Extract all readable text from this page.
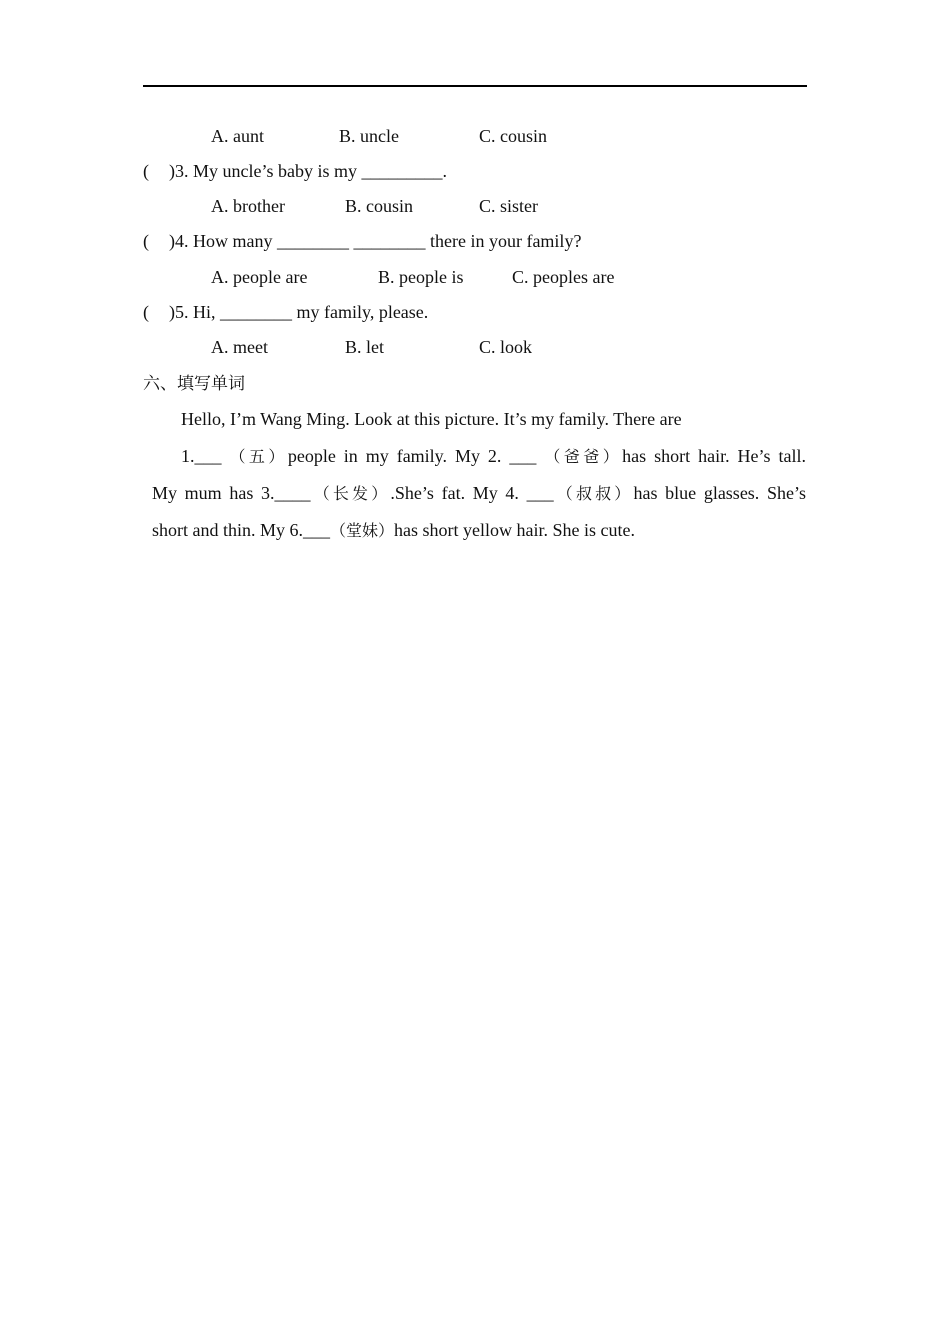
A. aunt	B. uncle	C. cousin
( )3. My uncle’s baby is my _________.
A. brother	B. cousin	C. sister
( )4. How many ________ ________ there in your family?
A. people are	B. people is	C. peoples are
( )5. Hi, ________ my family, please.
A. meet	B. let	C. look
六、填写单词
Hello, I’m Wang Ming. Look at this picture. It’s my family. There are
1.___ （五）people in my family. My 2. ___ （爸爸）has short hair. He’s tall.
My mum has 3.____（长发）.She’s fat. My 4. ___（叔叔）has blue glasses. She’s
short and thin. My 6.___（堂妹）has short yellow hair. She is cute.
